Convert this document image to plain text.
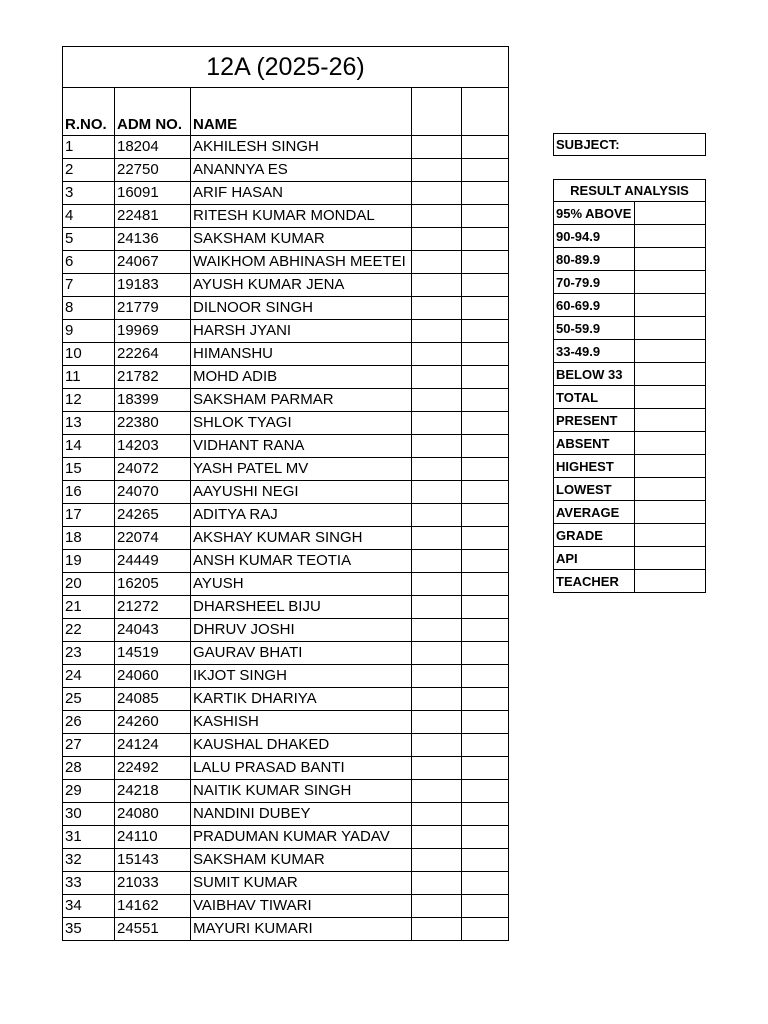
12A (2025-26)				
R.NO.	ADM NO.	NAME		
1	18204	AKHILESH SINGH		
2	22750	ANANNYA ES		
3	16091	ARIF HASAN		
4	22481	RITESH KUMAR MONDAL		
5	24136	SAKSHAM KUMAR		
6	24067	WAIKHOM ABHINASH MEETEI		
7	19183	AYUSH KUMAR JENA		
8	21779	DILNOOR SINGH		
9	19969	HARSH JYANI		
10	22264	HIMANSHU		
11	21782	MOHD ADIB		
12	18399	SAKSHAM PARMAR		
13	22380	SHLOK TYAGI		
14	14203	VIDHANT RANA		
15	24072	YASH PATEL MV		
16	24070	AAYUSHI NEGI		
17	24265	ADITYA RAJ		
18	22074	AKSHAY KUMAR SINGH		
19	24449	ANSH KUMAR TEOTIA		
20	16205	AYUSH		
21	21272	DHARSHEEL BIJU		
22	24043	DHRUV JOSHI		
23	14519	GAURAV BHATI		
24	24060	IKJOT SINGH		
25	24085	KARTIK DHARIYA		
26	24260	KASHISH		
27	24124	KAUSHAL DHAKED		
28	22492	LALU PRASAD BANTI		
29	24218	NAITIK KUMAR SINGH		
30	24080	NANDINI DUBEY		
31	24110	PRADUMAN KUMAR YADAV		
32	15143	SAKSHAM KUMAR		
33	21033	SUMIT KUMAR		
34	14162	VAIBHAV TIWARI		
35	24551	MAYURI KUMARI		
SUBJECT:
RESULT ANALYSIS	
95% ABOVE	
90-94.9	
80-89.9	
70-79.9	
60-69.9	
50-59.9	
33-49.9	
BELOW 33	
TOTAL	
PRESENT	
ABSENT	
HIGHEST	
LOWEST	
AVERAGE	
GRADE	
API	
TEACHER	
